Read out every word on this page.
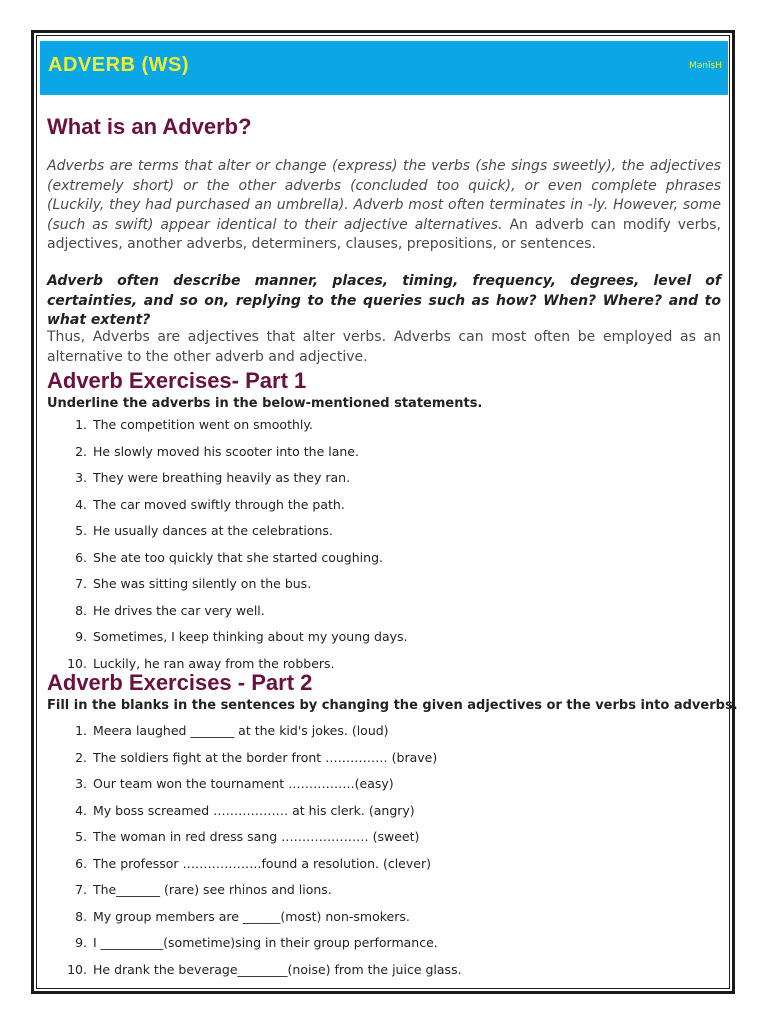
ADVERB (WS)	MənīṣH
What is an Adverb?
Adverbs are terms that alter or change (express) the verbs (she sings sweetly), the adjectives (extremely short) or the other adverbs (concluded too quick), or even complete phrases (Luckily, they had purchased an umbrella). Adverb most often terminates in -ly. However, some (such as swift) appear identical to their adjective alternatives. An adverb can modify verbs, adjectives, another adverbs, determiners, clauses, prepositions, or sentences.
Adverb often describe manner, places, timing, frequency, degrees, level of certainties, and so on, replying to the queries such as how? When? Where? and to what extent?
Thus, Adverbs are adjectives that alter verbs. Adverbs can most often be employed as an alternative to the other adverb and adjective.
Adverb Exercises- Part 1
Underline the adverbs in the below-mentioned statements.
1. The competition went on smoothly.
2. He slowly moved his scooter into the lane.
3. They were breathing heavily as they ran.
4. The car moved swiftly through the path.
5. He usually dances at the celebrations.
6. She ate too quickly that she started coughing.
7. She was sitting silently on the bus.
8. He drives the car very well.
9. Sometimes, I keep thinking about my young days.
10. Luckily, he ran away from the robbers.
Adverb Exercises - Part 2
Fill in the blanks in the sentences by changing the given adjectives or the verbs into adverbs.
1. Meera laughed _______ at the kid's jokes. (loud)
2. The soldiers fight at the border front …………… (brave)
3. Our team won the tournament …………….(easy)
4. My boss screamed ……………… at his clerk. (angry)
5. The woman in red dress sang ………………… (sweet)
6. The professor ……………….found a resolution. (clever)
7. The_______ (rare) see rhinos and lions.
8. My group members are ______(most) non-smokers.
9. I __________(sometime)sing in their group performance.
10. He drank the beverage________(noise) from the juice glass.
